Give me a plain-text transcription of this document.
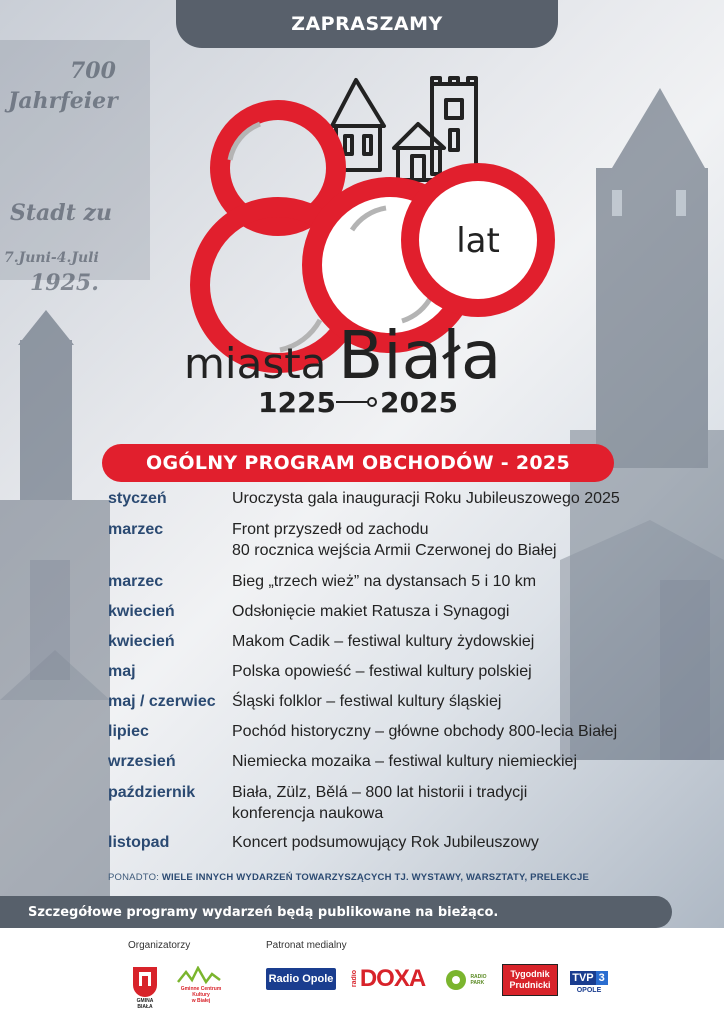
700
Jahrfeier
Stadt zu
7.Juni-4.Juli
1925.
ZAPRASZAMY
lat
miasta Biała
1225 2025
OGÓLNY PROGRAM OBCHODÓW - 2025
styczeń	Uroczysta gala inauguracji Roku Jubileuszowego 2025
marzec	Front przyszedł od zachodu
80 rocznica wejścia Armii Czerwonej do Białej
marzec	Bieg „trzech wież” na dystansach 5 i 10 km
kwiecień	Odsłonięcie makiet Ratusza i Synagogi
kwiecień	Makom Cadik – festiwal kultury żydowskiej
maj	Polska opowieść – festiwal kultury polskiej
maj / czerwiec	Śląski folklor – festiwal kultury śląskiej
lipiec	Pochód historyczny – główne obchody 800-lecia Białej
wrzesień	Niemiecka mozaika – festiwal kultury niemieckiej
październik	Biała, Zülz, Bělá – 800 lat historii i tradycji
konferencja naukowa
listopad	Koncert podsumowujący Rok Jubileuszowy
PONADTO: WIELE INNYCH WYDARZEŃ TOWARZYSZĄCYCH TJ. WYSTAWY, WARSZTATY, PRELEKCJE
Szczegółowe programy wydarzeń będą publikowane na bieżąco.
Organizatorzy	Patronat medialny
GMINA
BIAŁA
Gminne Centrum Kultury
w Białej
Radio Opole radio DOXA	RADIO
PARK
Tygodnik
Prudnicki
TVP 3
OPOLE
